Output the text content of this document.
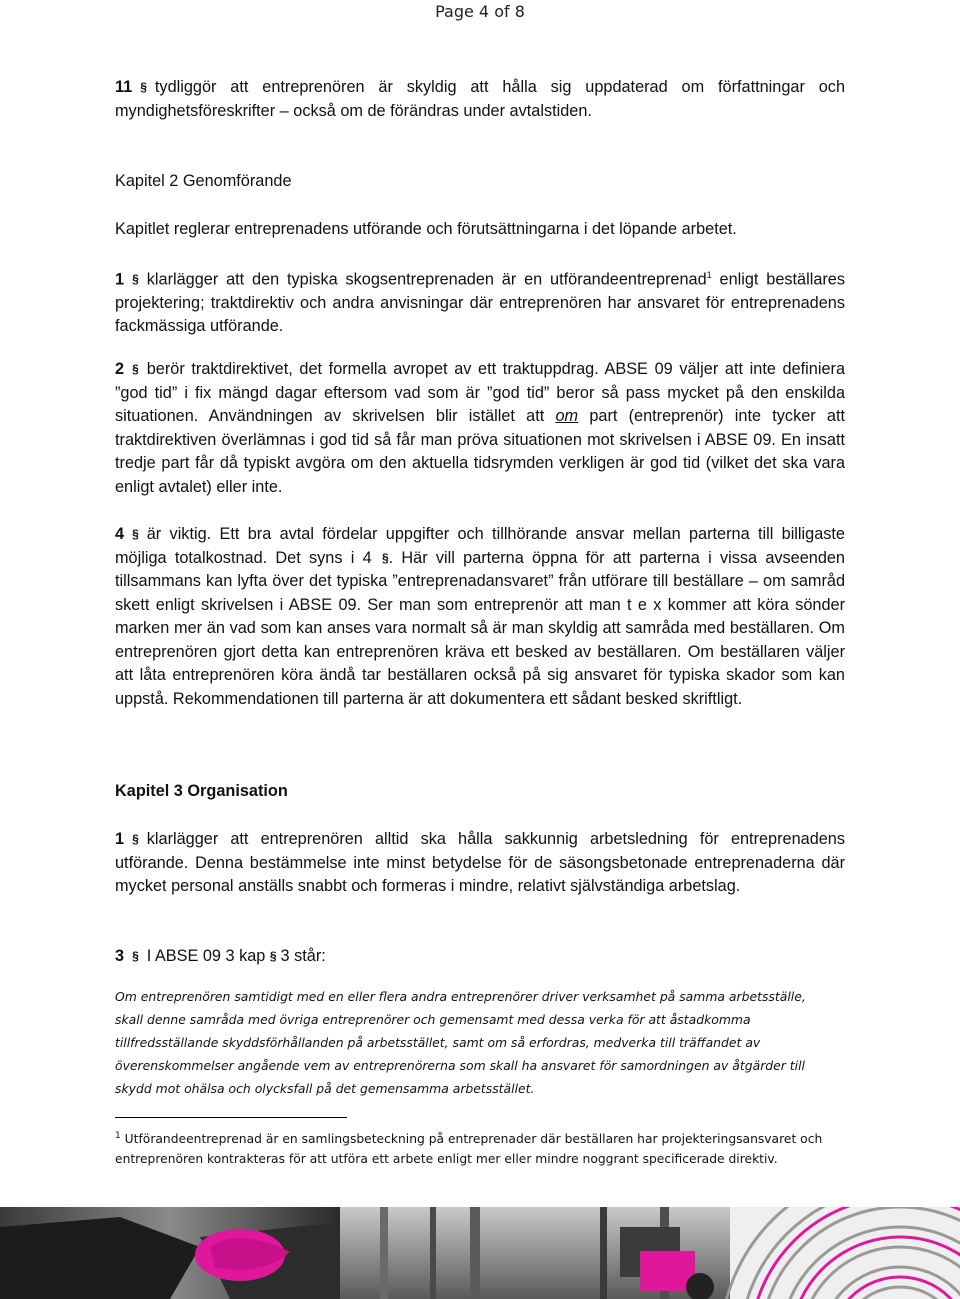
Page 4 of 8
11 § tydliggör att entreprenören är skyldig att hålla sig uppdaterad om författningar och myndighetsföreskrifter – också om de förändras under avtalstiden.
Kapitel 2 Genomförande
Kapitlet reglerar entreprenadens utförande och förutsättningarna i det löpande arbetet.
1 § klarlägger att den typiska skogsentreprenaden är en utförandeentreprenad$^1$ enligt beställares projektering; traktdirektiv och andra anvisningar där entreprenören har ansvaret för entreprenadens fackmässiga utförande.
2 § berör traktdirektivet, det formella avropet av ett traktuppdrag. ABSE 09 väljer att inte definiera ”god tid” i fix mängd dagar eftersom vad som är ”god tid” beror så pass mycket på den enskilda situationen. Användningen av skrivelsen blir istället att om part (entreprenör) inte tycker att traktdirektiven överlämnas i god tid så får man pröva situationen mot skrivelsen i ABSE 09. En insatt tredje part får då typiskt avgöra om den aktuella tidsrymden verkligen är god tid (vilket det ska vara enligt avtalet) eller inte.
4 § är viktig. Ett bra avtal fördelar uppgifter och tillhörande ansvar mellan parterna till billigaste möjliga totalkostnad. Det syns i 4 §. Här vill parterna öppna för att parterna i vissa avseenden tillsammans kan lyfta över det typiska ”entreprenadansvaret” från utförare till beställare – om samråd skett enligt skrivelsen i ABSE 09. Ser man som entreprenör att man t e x kommer att köra sönder marken mer än vad som kan anses vara normalt så är man skyldig att samråda med beställaren. Om entreprenören gjort detta kan entreprenören kräva ett besked av beställaren. Om beställaren väljer att låta entreprenören köra ändå tar beställaren också på sig ansvaret för typiska skador som kan uppstå. Rekommendationen till parterna är att dokumentera ett sådant besked skriftligt.
Kapitel 3 Organisation
1 § klarlägger att entreprenören alltid ska hålla sakkunnig arbetsledning för entreprenadens utförande. Denna bestämmelse inte minst betydelse för de säsongsbetonade entreprenaderna där mycket personal anställs snabbt och formeras i mindre, relativt självständiga arbetslag.
3 § I ABSE 09 3 kap § 3 står:
Om entreprenören samtidigt med en eller flera andra entreprenörer driver verksamhet på samma arbetsställe,
skall denne samråda med övriga entreprenörer och gemensamt med dessa verka för att åstadkomma
tillfredsställande skyddsförhållanden på arbetsstället, samt om så erfordras, medverka till träffandet av
överenskommelser angående vem av entreprenörerna som skall ha ansvaret för samordningen av åtgärder till
skydd mot ohälsa och olycksfall på det gemensamma arbetsstället.
$^1$ Utförandeentreprenad är en samlingsbeteckning på entreprenader där beställaren har projekteringsansvaret och entreprenören kontrakteras för att utföra ett arbete enligt mer eller mindre noggrant specificerade direktiv.
